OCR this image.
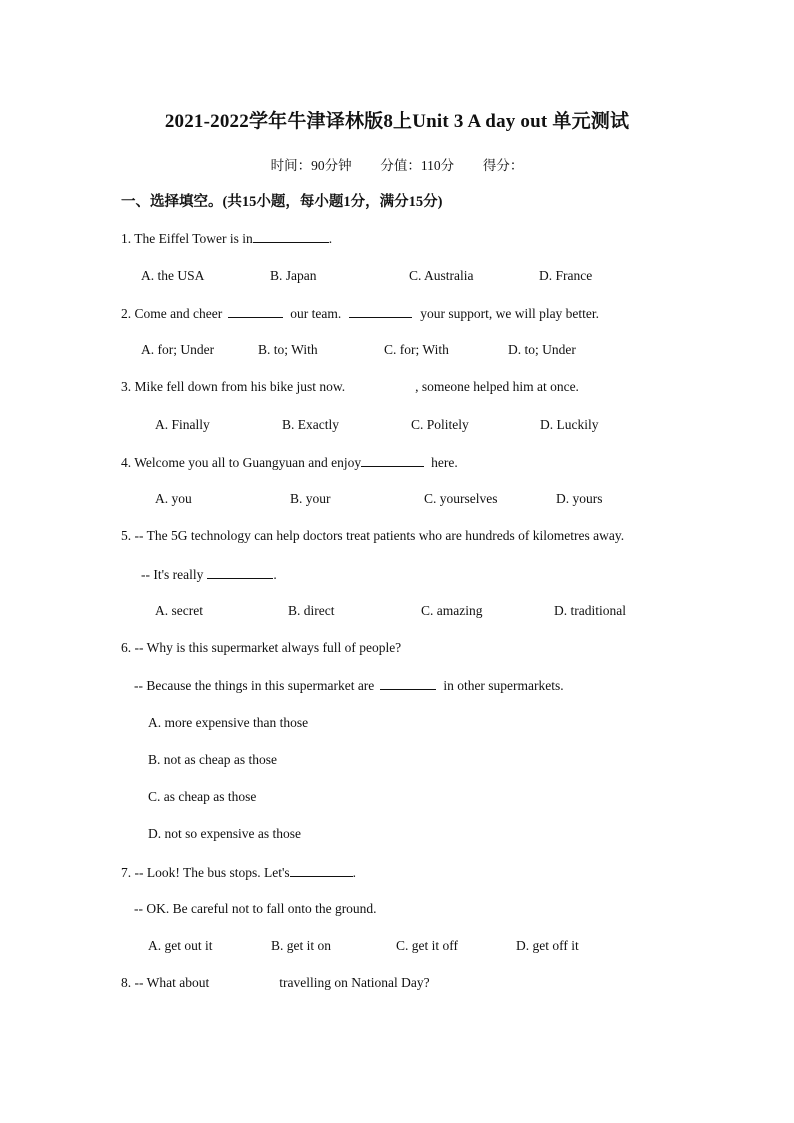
2021-2022学年牛津译林版8上Unit 3 A day out 单元测试
时间：90分钟 分值：110分 得分：
一、选择填空。(共15小题，每小题1分，满分15分)
1. The Eiffel Tower is in	.
A. the USA	B. Japan	C. Australia	D. France
2. Come and cheer	our team.	your support, we will play better.
A. for; Under	B. to; With	C. for; With	D. to; Under
3. Mike fell down from his bike just now.	, someone helped him at once.
A. Finally	B. Exactly	C. Politely	D. Luckily
4. Welcome you all to Guangyuan and enjoy	here.
A. you	B. your	C. yourselves	D. yours
5. -- The 5G technology can help doctors treat patients who are hundreds of kilometres away.
-- It's really	.
A. secret	B. direct	C. amazing	D. traditional
6. -- Why is this supermarket always full of people?
-- Because the things in this supermarket are	in other supermarkets.
A. more expensive than those
B. not as cheap as those
C. as cheap as those
D. not so expensive as those
7. -- Look! The bus stops. Let's	.
-- OK. Be careful not to fall onto the ground.
A. get out it	B. get it on	C. get it off	D. get off it
8. -- What about	travelling on National Day?
